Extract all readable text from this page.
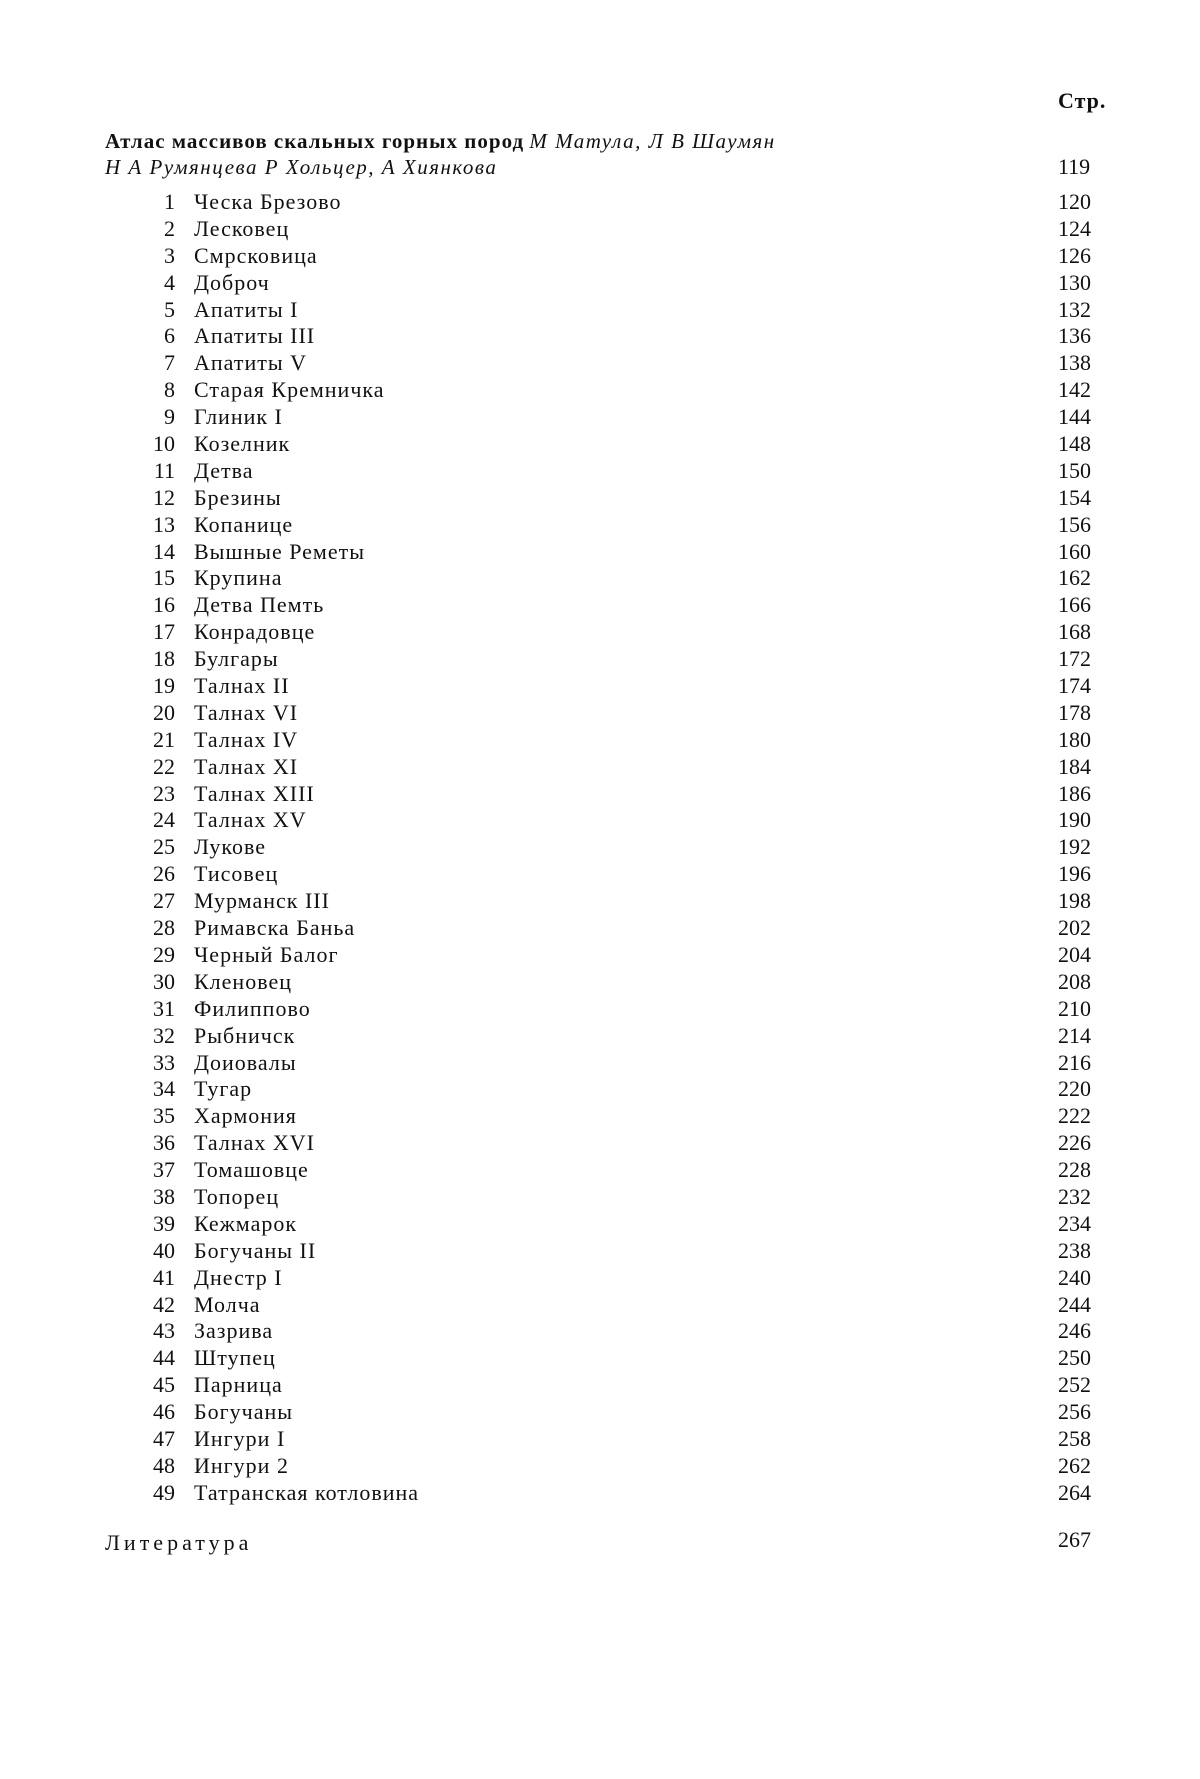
Стр.
Атлас массивов скальных горных пород М Матула, Л В Шаумян
Н А Румянцева Р Хольцер, А Хиянкова	119
1 Ческа Брезово	120
2 Лесковец	124
3 Смрсковица	126
4 Доброч	130
5 Апатиты I	132
6 Апатиты III	136
7 Апатиты V	138
8 Старая Кремничка	142
9 Глиник I	144
10 Козелник	148
11 Детва	150
12 Брезины	154
13 Копанице	156
14 Вышные Реметы	160
15 Крупина	162
16 Детва Пемть	166
17 Конрадовце	168
18 Булгары	172
19 Талнах II	174
20 Талнах VI	178
21 Талнах IV	180
22 Талнах XI	184
23 Талнах XIII	186
24 Талнах XV	190
25 Лукове	192
26 Тисовец	196
27 Мурманск III	198
28 Римавска Баньа	202
29 Черный Балог	204
30 Кленовец	208
31 Филиппово	210
32 Рыбничск	214
33 Доиовалы	216
34 Тугар	220
35 Хармония	222
36 Талнах XVI	226
37 Томашовце	228
38 Топорец	232
39 Кежмарок	234
40 Богучаны II	238
41 Днестр I	240
42 Молча	244
43 Зазрива	246
44 Штупец	250
45 Парница	252
46 Богучаны	256
47 Ингури I	258
48 Ингури 2	262
49 Татранская котловина	264
Литература	267
